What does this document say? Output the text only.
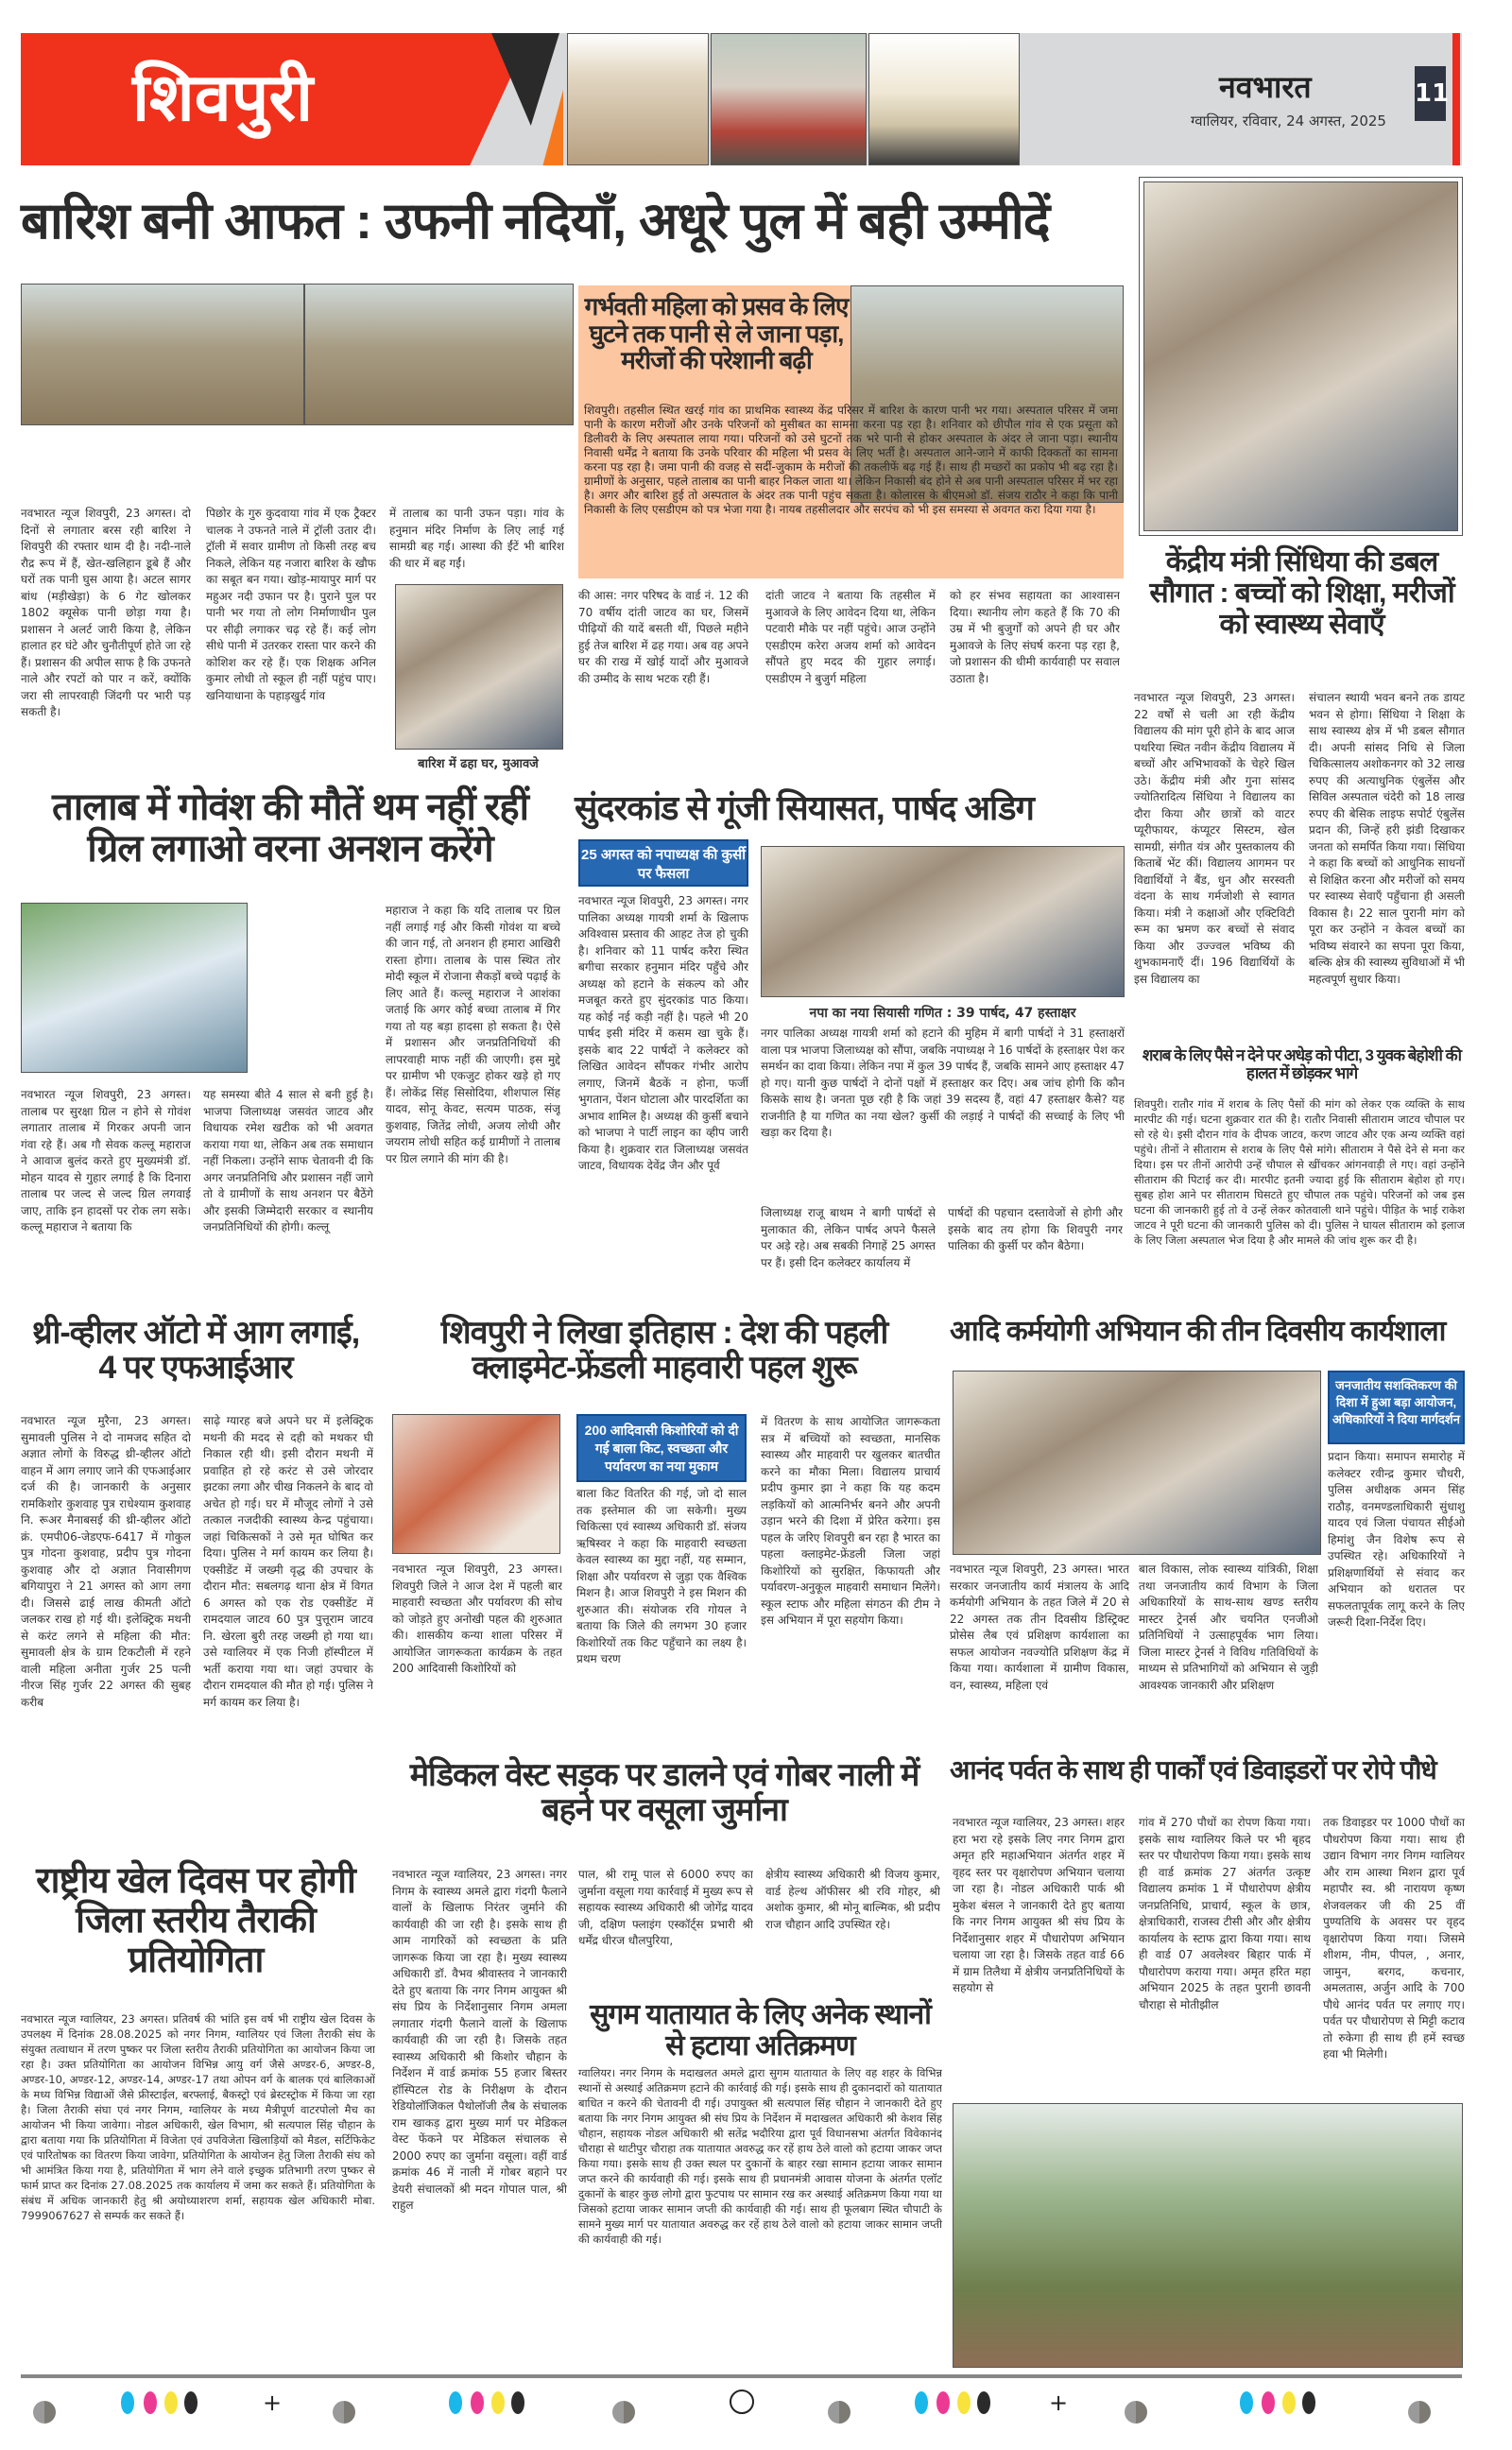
शिवपुरी	नवभारत
ग्वालियर, रविवार, 24 अगस्त, 2025
11
बारिश बनी आफत : उफनी नदियाँ, अधूरे पुल में बही उम्मीदें
नवभारत न्यूज शिवपुरी, 23 अगस्त। दो दिनों से लगातार बरस रही बारिश ने शिवपुरी की रफ्तार थाम दी है। नदी-नाले रौद्र रूप में हैं, खेत-खलिहान डूबे हैं और घरों तक पानी घुस आया है। अटल सागर बांध (मड़ीखेड़ा) के 6 गेट खोलकर 1802 क्यूसेक पानी छोड़ा गया है। प्रशासन ने अलर्ट जारी किया है, लेकिन हालात हर घंटे और चुनौतीपूर्ण होते जा रहे हैं। प्रशासन की अपील साफ है कि उफनते नाले और रपटों को पार न करें, क्योंकि जरा सी लापरवाही जिंदगी पर भारी पड़ सकती है।
पिछोर के गुरु कुदवाया गांव में एक ट्रैक्टर चालक ने उफनते नाले में ट्रॉली उतार दी। ट्रॉली में सवार ग्रामीण तो किसी तरह बच निकले, लेकिन यह नजारा बारिश के खौफ का सबूत बन गया। खोड़-मायापुर मार्ग पर महुअर नदी उफान पर है। पुराने पुल पर पानी भर गया तो लोग निर्माणाधीन पुल पर सीढ़ी लगाकर चढ़ रहे हैं। कई लोग सीधे पानी में उतरकर रास्ता पार करने की कोशिश कर रहे हैं। एक शिक्षक अनिल कुमार लोधी तो स्कूल ही नहीं पहुंच पाए। खनियाधाना के पहाड़खुर्द गांव
में तालाब का पानी उफन पड़ा। गांव के हनुमान मंदिर निर्माण के लिए लाई गई सामग्री बह गई। आस्था की ईंटें भी बारिश की धार में बह गईं।
बारिश में ढहा घर, मुआवजे
गर्भवती महिला को प्रसव के लिए घुटने तक पानी से ले जाना पड़ा, मरीजों की परेशानी बढ़ी
शिवपुरी। तहसील स्थित खरई गांव का प्राथमिक स्वास्थ्य केंद्र परिसर में बारिश के कारण पानी भर गया। अस्पताल परिसर में जमा पानी के कारण मरीजों और उनके परिजनों को मुसीबत का सामना करना पड़ रहा है। शनिवार को छीपौल गांव से एक प्रसूता को डिलीवरी के लिए अस्पताल लाया गया। परिजनों को उसे घुटनों तक भरे पानी से होकर अस्पताल के अंदर ले जाना पड़ा। स्थानीय निवासी धर्मेंद्र ने बताया कि उनके परिवार की महिला भी प्रसव के लिए भर्ती है। अस्पताल आने-जाने में काफी दिक्कतों का सामना करना पड़ रहा है। जमा पानी की वजह से सर्दी-जुकाम के मरीजों की तकलीफें बढ़ गई हैं। साथ ही मच्छरों का प्रकोप भी बढ़ रहा है। ग्रामीणों के अनुसार, पहले तालाब का पानी बाहर निकल जाता था। लेकिन निकासी बंद होने से अब पानी अस्पताल परिसर में भर रहा है। अगर और बारिश हुई तो अस्पताल के अंदर तक पानी पहुंच सकता है। कोलारस के बीएमओ डॉ. संजय राठौर ने कहा कि पानी निकासी के लिए एसडीएम को पत्र भेजा गया है। नायब तहसीलदार और सरपंच को भी इस समस्या से अवगत करा दिया गया है।
की आस: नगर परिषद के वार्ड नं. 12 की 70 वर्षीय दांती जाटव का घर, जिसमें पीढ़ियों की यादें बसती थीं, पिछले महीने हुई तेज बारिश में ढह गया। अब वह अपने घर की राख में खोई यादों और मुआवजे की उम्मीद के साथ भटक रही हैं।
दांती जाटव ने बताया कि तहसील में मुआवजे के लिए आवेदन दिया था, लेकिन पटवारी मौके पर नहीं पहुंचे। आज उन्होंने एसडीएम करेरा अजय शर्मा को आवेदन सौंपते हुए मदद की गुहार लगाई। एसडीएम ने बुजुर्ग महिला
को हर संभव सहायता का आश्वासन दिया। स्थानीय लोग कहते हैं कि 70 की उम्र में भी बुजुर्गों को अपने ही घर और मुआवजे के लिए संघर्ष करना पड़ रहा है, जो प्रशासन की धीमी कार्यवाही पर सवाल उठाता है।
केंद्रीय मंत्री सिंधिया की डबल सौगात : बच्चों को शिक्षा, मरीजों को स्वास्थ्य सेवाएँ
नवभारत न्यूज शिवपुरी, 23 अगस्त। 22 वर्षों से चली आ रही केंद्रीय विद्यालय की मांग पूरी होने के बाद आज पथरिया स्थित नवीन केंद्रीय विद्यालय में बच्चों और अभिभावकों के चेहरे खिल उठे। केंद्रीय मंत्री और गुना सांसद ज्योतिरादित्य सिंधिया ने विद्यालय का दौरा किया और छात्रों को वाटर प्यूरीफायर, कंप्यूटर सिस्टम, खेल सामग्री, संगीत यंत्र और पुस्तकालय की किताबें भेंट कीं। विद्यालय आगमन पर विद्यार्थियों ने बैंड, धुन और सरस्वती वंदना के साथ गर्मजोशी से स्वागत किया। मंत्री ने कक्षाओं और एक्टिविटी रूम का भ्रमण कर बच्चों से संवाद किया और उज्ज्वल भविष्य की शुभकामनाएँ दीं। 196 विद्यार्थियों के इस विद्यालय का
संचालन स्थायी भवन बनने तक डायट भवन से होगा। सिंधिया ने शिक्षा के साथ स्वास्थ्य क्षेत्र में भी डबल सौगात दी। अपनी सांसद निधि से जिला चिकित्सालय अशोकनगर को 32 लाख रुपए की अत्याधुनिक एंबुलेंस और सिविल अस्पताल चंदेरी को 18 लाख रुपए की बेसिक लाइफ सपोर्ट एंबुलेंस प्रदान की, जिन्हें हरी झंडी दिखाकर जनता को समर्पित किया गया। सिंधिया ने कहा कि बच्चों को आधुनिक साधनों से शिक्षित करना और मरीजों को समय पर स्वास्थ्य सेवाएँ पहुँचाना ही असली विकास है। 22 साल पुरानी मांग को पूरा कर उन्होंने न केवल बच्चों का भविष्य संवारने का सपना पूरा किया, बल्कि क्षेत्र की स्वास्थ्य सुविधाओं में भी महत्वपूर्ण सुधार किया।
शराब के लिए पैसे न देने पर अधेड़ को पीटा, 3 युवक बेहोशी की हालत में छोड़कर भागे
शिवपुरी। रातौर गांव में शराब के लिए पैसों की मांग को लेकर एक व्यक्ति के साथ मारपीट की गई। घटना शुक्रवार रात की है। रातौर निवासी सीताराम जाटव चौपाल पर सो रहे थे। इसी दौरान गांव के दीपक जाटव, करण जाटव और एक अन्य व्यक्ति वहां पहुंचे। तीनों ने सीताराम से शराब के लिए पैसे मांगे। सीताराम ने पैसे देने से मना कर दिया। इस पर तीनों आरोपी उन्हें चौपाल से खींचकर आंगनवाड़ी ले गए। वहां उन्होंने सीताराम की पिटाई कर दी। मारपीट इतनी ज्यादा हुई कि सीताराम बेहोश हो गए। सुबह होश आने पर सीताराम घिसटते हुए चौपाल तक पहुंचे। परिजनों को जब इस घटना की जानकारी हुई तो वे उन्हें लेकर कोतवाली थाने पहुंचे। पीड़ित के भाई राकेश जाटव ने पूरी घटना की जानकारी पुलिस को दी। पुलिस ने घायल सीताराम को इलाज के लिए जिला अस्पताल भेज दिया है और मामले की जांच शुरू कर दी है।
तालाब में गोवंश की मौतें थम नहीं रहीं ग्रिल लगाओ वरना अनशन करेंगे
नवभारत न्यूज शिवपुरी, 23 अगस्त। तालाब पर सुरक्षा ग्रिल न होने से गोवंश लगातार तालाब में गिरकर अपनी जान गंवा रहे हैं। अब गौ सेवक कल्लू महाराज ने आवाज बुलंद करते हुए मुख्यमंत्री डॉ. मोहन यादव से गुहार लगाई है कि दिनारा तालाब पर जल्द से जल्द ग्रिल लगवाई जाए, ताकि इन हादसों पर रोक लग सके। कल्लू महाराज ने बताया कि
यह समस्या बीते 4 साल से बनी हुई है। भाजपा जिलाध्यक्ष जसवंत जाटव और विधायक रमेश खटीक को भी अवगत कराया गया था, लेकिन अब तक समाधान नहीं निकला। उन्होंने साफ चेतावनी दी कि अगर जनप्रतिनिधि और प्रशासन नहीं जागे तो वे ग्रामीणों के साथ अनशन पर बैठेंगे और इसकी जिम्मेदारी सरकार व स्थानीय जनप्रतिनिधियों की होगी। कल्लू
महाराज ने कहा कि यदि तालाब पर ग्रिल नहीं लगाई गई और किसी गोवंश या बच्चे की जान गई, तो अनशन ही हमारा आखिरी रास्ता होगा। तालाब के पास स्थित तोर मोदी स्कूल में रोजाना सैकड़ों बच्चे पढ़ाई के लिए आते हैं। कल्लू महाराज ने आशंका जताई कि अगर कोई बच्चा तालाब में गिर गया तो यह बड़ा हादसा हो सकता है। ऐसे में प्रशासन और जनप्रतिनिधियों की लापरवाही माफ नहीं की जाएगी। इस मुद्दे पर ग्रामीण भी एकजुट होकर खड़े हो गए हैं। लोकेंद्र सिंह सिसोदिया, शीशपाल सिंह यादव, सोनू केवट, सत्यम पाठक, संजू कुशवाह, जितेंद्र लोधी, अजय लोधी और जयराम लोधी सहित कई ग्रामीणों ने तालाब पर ग्रिल लगाने की मांग की है।
सुंदरकांड से गूंजी सियासत, पार्षद अडिग
25 अगस्त को नपाध्यक्ष की कुर्सी पर फैसला
नवभारत न्यूज शिवपुरी, 23 अगस्त। नगर पालिका अध्यक्ष गायत्री शर्मा के खिलाफ अविश्वास प्रस्ताव की आहट तेज हो चुकी है। शनिवार को 11 पार्षद करैरा स्थित बगीचा सरकार हनुमान मंदिर पहुँचे और अध्यक्ष को हटाने के संकल्प को और मजबूत करते हुए सुंदरकांड पाठ किया। यह कोई नई कड़ी नहीं है। पहले भी 20 पार्षद इसी मंदिर में कसम खा चुके हैं। इसके बाद 22 पार्षदों ने कलेक्टर को लिखित आवेदन सौंपकर गंभीर आरोप लगाए, जिनमें बैठकें न होना, फर्जी भुगतान, पेंशन घोटाला और पारदर्शिता का अभाव शामिल है। अध्यक्ष की कुर्सी बचाने को भाजपा ने पार्टी लाइन का व्हीप जारी किया है। शुक्रवार रात जिलाध्यक्ष जसवंत जाटव, विधायक देवेंद्र जैन और पूर्व
नपा का नया सियासी गणित : 39 पार्षद, 47 हस्ताक्षर
नगर पालिका अध्यक्ष गायत्री शर्मा को हटाने की मुहिम में बागी पार्षदों ने 31 हस्ताक्षरों वाला पत्र भाजपा जिलाध्यक्ष को सौंपा, जबकि नपाध्यक्ष ने 16 पार्षदों के हस्ताक्षर पेश कर समर्थन का दावा किया। लेकिन नपा में कुल 39 पार्षद हैं, जबकि सामने आए हस्ताक्षर 47 हो गए। यानी कुछ पार्षदों ने दोनों पक्षों में हस्ताक्षर कर दिए। अब जांच होगी कि कौन किसके साथ है। जनता पूछ रही है कि जहां 39 सदस्य हैं, वहां 47 हस्ताक्षर कैसे? यह राजनीति है या गणित का नया खेल? कुर्सी की लड़ाई ने पार्षदों की सच्चाई के लिए भी खड़ा कर दिया है।
जिलाध्यक्ष राजू बाथम ने बागी पार्षदों से मुलाकात की, लेकिन पार्षद अपने फैसले पर अड़े रहे। अब सबकी निगाहें 25 अगस्त पर हैं। इसी दिन कलेक्टर कार्यालय में
पार्षदों की पहचान दस्तावेजों से होगी और इसके बाद तय होगा कि शिवपुरी नगर पालिका की कुर्सी पर कौन बैठेगा।
थ्री-व्हीलर ऑटो में आग लगाई, 4 पर एफआईआर
नवभारत न्यूज मुरैना, 23 अगस्त। सुमावली पुलिस ने दो नामजद सहित दो अज्ञात लोगों के विरुद्ध थ्री-व्हीलर ऑटो वाहन में आग लगाए जाने की एफआईआर दर्ज की है। जानकारी के अनुसार रामकिशोर कुशवाह पुत्र राधेश्याम कुशवाह नि. रूअर मैनाबसई की थ्री-व्हीलर ऑटो क्रं. एमपी06-जेडएफ-6417 में गोकुल पुत्र गोदना कुशवाह, प्रदीप पुत्र गोदना कुशवाह और दो अज्ञात निवासीगण बगियापुरा ने 21 अगस्त को आग लगा दी। जिससे ढाई लाख कीमती ऑटो जलकर राख हो गई थी। इलेक्ट्रिक मथनी से करंट लगने से महिला की मौत: सुमावली क्षेत्र के ग्राम टिकटौली में रहने वाली महिला अनीता गुर्जर 25 पत्नी नीरज सिंह गुर्जर 22 अगस्त की सुबह करीब
साढ़े ग्यारह बजे अपने घर में इलेक्ट्रिक मथनी की मदद से दही को मथकर घी निकाल रही थी। इसी दौरान मथनी में प्रवाहित हो रहे करंट से उसे जोरदार झटका लगा और चीख निकलने के बाद वो अचेत हो गई। घर में मौजूद लोगों ने उसे तत्काल नजदीकी स्वास्थ्य केन्द्र पहुंचाया। जहां चिकित्सकों ने उसे मृत घोषित कर दिया। पुलिस ने मर्ग कायम कर लिया है। एक्सीडेंट में जख्मी वृद्ध की उपचार के दौरान मौत: सबलगढ़ थाना क्षेत्र में विगत 6 अगस्त को एक रोड एक्सीडेंट में रामदयाल जाटव 60 पुत्र पुत्तूराम जाटव नि. खेरला बुरी तरह जख्मी हो गया था। उसे ग्वालियर में एक निजी हॉस्पीटल में भर्ती कराया गया था। जहां उपचार के दौरान रामदयाल की मौत हो गई। पुलिस ने मर्ग कायम कर लिया है।
शिवपुरी ने लिखा इतिहास : देश की पहली क्लाइमेट-फ्रेंडली माहवारी पहल शुरू
नवभारत न्यूज शिवपुरी, 23 अगस्त। शिवपुरी जिले ने आज देश में पहली बार माहवारी स्वच्छता और पर्यावरण की सोच को जोड़ते हुए अनोखी पहल की शुरुआत की। शासकीय कन्या शाला परिसर में आयोजित जागरूकता कार्यक्रम के तहत 200 आदिवासी किशोरियों को
200 आदिवासी किशोरियों को दी गई बाला किट, स्वच्छता और पर्यावरण का नया मुकाम
बाला किट वितरित की गई, जो दो साल तक इस्तेमाल की जा सकेगी। मुख्य चिकित्सा एवं स्वास्थ्य अधिकारी डॉ. संजय ऋषिस्वर ने कहा कि माहवारी स्वच्छता केवल स्वास्थ्य का मुद्दा नहीं, यह सम्मान, शिक्षा और पर्यावरण से जुड़ा एक वैश्विक मिशन है। आज शिवपुरी ने इस मिशन की शुरुआत की। संयोजक रवि गोयल ने बताया कि जिले की लगभग 30 हजार किशोरियों तक किट पहुँचाने का लक्ष्य है। प्रथम चरण
में वितरण के साथ आयोजित जागरूकता सत्र में बच्चियों को स्वच्छता, मानसिक स्वास्थ्य और माहवारी पर खुलकर बातचीत करने का मौका मिला। विद्यालय प्राचार्य प्रदीप कुमार झा ने कहा कि यह कदम लड़कियों को आत्मनिर्भर बनने और अपनी उड़ान भरने की दिशा में प्रेरित करेगा। इस पहल के जरिए शिवपुरी बन रहा है भारत का पहला क्लाइमेट-फ्रेंडली जिला जहां किशोरियों को सुरक्षित, किफायती और पर्यावरण-अनुकूल माहवारी समाधान मिलेंगे। स्कूल स्टाफ और महिला संगठन की टीम ने इस अभियान में पूरा सहयोग किया।
आदि कर्मयोगी अभियान की तीन दिवसीय कार्यशाला
जनजातीय सशक्तिकरण की दिशा में हुआ बड़ा आयोजन, अधिकारियों ने दिया मार्गदर्शन
प्रदान किया। समापन समारोह में कलेक्टर रवीन्द्र कुमार चौधरी, पुलिस अधीक्षक अमन सिंह राठौड़, वनमण्डलाधिकारी सुंधाशु यादव एवं जिला पंचायत सीईओ हिमांशु जैन विशेष रूप से उपस्थित रहे। अधिकारियों ने प्रशिक्षणार्थियों से संवाद कर अभियान को धरातल पर सफलतापूर्वक लागू करने के लिए जरूरी दिशा-निर्देश दिए।
नवभारत न्यूज शिवपुरी, 23 अगस्त। भारत सरकार जनजातीय कार्य मंत्रालय के आदि कर्मयोगी अभियान के तहत जिले में 20 से 22 अगस्त तक तीन दिवसीय डिस्ट्रिक्ट प्रोसेस लैब एवं प्रशिक्षण कार्यशाला का सफल आयोजन नवज्योति प्रशिक्षण केंद्र में किया गया। कार्यशाला में ग्रामीण विकास, वन, स्वास्थ्य, महिला एवं
बाल विकास, लोक स्वास्थ्य यांत्रिकी, शिक्षा तथा जनजातीय कार्य विभाग के जिला अधिकारियों के साथ-साथ खण्ड स्तरीय मास्टर ट्रेनर्स और चयनित एनजीओ प्रतिनिधियों ने उत्साहपूर्वक भाग लिया। जिला मास्टर ट्रेनर्स ने विविध गतिविधियों के माध्यम से प्रतिभागियों को अभियान से जुड़ी आवश्यक जानकारी और प्रशिक्षण
मेडिकल वेस्ट सड़क पर डालने एवं गोबर नाली में बहने पर वसूला जुर्माना
नवभारत न्यूज ग्वालियर, 23 अगस्त। नगर निगम के स्वास्थ्य अमले द्वारा गंदगी फैलाने वालों के खिलाफ निरंतर जुर्माने की कार्यवाही की जा रही है। इसके साथ ही आम नागरिकों को स्वच्छता के प्रति जागरूक किया जा रहा है। मुख्य स्वास्थ्य अधिकारी डॉ. वैभव श्रीवास्तव ने जानकारी देते हुए बताया कि नगर निगम आयुक्त श्री संघ प्रिय के निर्देशानुसार निगम अमला लगातार गंदगी फैलाने वालों के खिलाफ कार्यवाही की जा रही है। जिसके तहत स्वास्थ्य अधिकारी श्री किशोर चौहान के निर्देशन में वार्ड क्रमांक 55 हजार बिस्तर हॉस्पिटल रोड के निरीक्षण के दौरान रेडियोलॉजिकल पैथोलॉजी लैब के संचालक राम खाकड़ द्वारा मुख्य मार्ग पर मेडिकल वेस्ट फेंकने पर मेडिकल संचालक से 2000 रुपए का जुर्माना वसूला। वहीं वार्ड क्रमांक 46 में नाली में गोबर बहाने पर डेयरी संचालकों श्री मदन गोपाल पाल, श्री राहुल
पाल, श्री रामू पाल से 6000 रुपए का जुर्माना वसूला गया कार्रवाई में मुख्य रूप से सहायक स्वास्थ्य अधिकारी श्री जोगेंद्र यादव जी, दक्षिण फ्लाइंग एस्कॉर्ट्स प्रभारी श्री धर्मेंद्र धीरज धौलपुरिया,
क्षेत्रीय स्वास्थ्य अधिकारी श्री विजय कुमार, वार्ड हेल्थ ऑफीसर श्री रवि गोहर, श्री अशोक कुमार, श्री मोनू बाल्मिक, श्री प्रदीप राज चौहान आदि उपस्थित रहे।
सुगम यातायात के लिए अनेक स्थानों से हटाया अतिक्रमण
ग्वालियर। नगर निगम के मदाखलत अमले द्वारा सुगम यातायात के लिए वह शहर के विभिन्न स्थानों से अस्थाई अतिक्रमण हटाने की कार्रवाई की गई। इसके साथ ही दुकानदारों को यातायात बाधित न करने की चेतावनी दी गई। उपायुक्त श्री सत्यपाल सिंह चौहान ने जानकारी देते हुए बताया कि नगर निगम आयुक्त श्री संघ प्रिय के निर्देशन में मदाखलत अधिकारी श्री केशव सिंह चौहान, सहायक नोडल अधिकारी श्री सतेंद्र भदौरिया द्वारा पूर्व विधानसभा अंतर्गत विवेकानंद चौराहा से थाटीपुर चौराहा तक यातायात अवरुद्ध कर रहें हाथ ठेले वालो को हटाया जाकर जप्त किया गया। इसके साथ ही उक्त स्थल पर दुकानों के बाहर रखा सामान हटाया जाकर सामान जप्त करने की कार्यवाही की गई। इसके साथ ही प्रधानमंत्री आवास योजना के अंतर्गत एलॉट दुकानों के बाहर कुछ लोगो द्वारा फुटपाथ पर सामान रख कर अस्थाई अतिक्रमण किया गया था जिसको हटाया जाकर सामान जप्ती की कार्यवाही की गई। साथ ही फूलबाग स्थित चौपाटी के सामने मुख्य मार्ग पर यातायात अवरुद्ध कर रहें हाथ ठेले वालो को हटाया जाकर सामान जप्ती की कार्यवाही की गई।
राष्ट्रीय खेल दिवस पर होगी जिला स्तरीय तैराकी प्रतियोगिता
नवभारत न्यूज ग्वालियर, 23 अगस्त। प्रतिवर्ष की भांति इस वर्ष भी राष्ट्रीय खेल दिवस के उपलक्ष्य में दिनांक 28.08.2025 को नगर निगम, ग्वालियर एवं जिला तैराकी संघ के संयुक्त तत्वाधान में तरण पुष्कर पर जिला स्तरीय तैराकी प्रतियोगिता का आयोजन किया जा रहा है। उक्त प्रतियोगिता का आयोजन विभिन्न आयु वर्ग जैसे अण्डर-6, अण्डर-8, अण्डर-10, अण्डर-12, अण्डर-14, अण्डर-17 तथा ओपन वर्ग के बालक एवं बालिकाओं के मध्य विभिन्न विद्याओं जैसे फ्रीस्टाईल, बरफ्लाई, बैकस्ट्रो एवं ब्रेस्टस्ट्रोक में किया जा रहा है। जिला तैराकी संघा एवं नगर निगम, ग्वालियर के मध्य मैत्रीपूर्ण वाटरपोलो मैच का आयोजन भी किया जावेगा। नोडल अधिकारी, खेल विभाग, श्री सत्यपाल सिंह चौहान के द्वारा बताया गया कि प्रतियोगिता में विजेता एवं उपविजेता खिलाड़ियों को मैडल, सर्टिफिकेट एवं पारितोषक का वितरण किया जावेगा, प्रतियोगिता के आयोजन हेतु जिला तैराकी संघ को भी आमंत्रित किया गया है, प्रतियोगिता में भाग लेने वाले इच्छुक प्रतिभागी तरण पुष्कर से फार्म प्राप्त कर दिनांक 27.08.2025 तक कार्यालय में जमा कर सकते हैं। प्रतियोगिता के संबंध में अधिक जानकारी हेतु श्री अयोध्याशरण शर्मा, सहायक खेल अधिकारी मोबा. 7999067627 से सम्पर्क कर सकते हैं।
आनंद पर्वत के साथ ही पार्कों एवं डिवाइडरों पर रोपे पौधे
नवभारत न्यूज ग्वालियर, 23 अगस्त। शहर हरा भरा रहे इसके लिए नगर निगम द्वारा अमृत हरि महाअभियान अंतर्गत शहर में वृहद स्तर पर वृक्षारोपण अभियान चलाया जा रहा है। नोडल अधिकारी पार्क श्री मुकेश बंसल ने जानकारी देते हुए बताया कि नगर निगम आयुक्त श्री संघ प्रिय के निर्देशानुसार शहर में पौधारोपण अभियान चलाया जा रहा है। जिसके तहत वार्ड 66 में ग्राम तिलैथा में क्षेत्रीय जनप्रतिनिधियों के सहयोग से
गांव में 270 पौधों का रोपण किया गया। इसके साथ ग्वालियर किले पर भी बृहद स्तर पर पौधारोपण किया गया। इसके साथ ही वार्ड क्रमांक 27 अंतर्गत उत्कृष्ट विद्यालय क्रमांक 1 में पौधारोपण क्षेत्रीय जनप्रतिनिधि, प्राचार्य, स्कूल के छात्र, क्षेत्राधिकारी, राजस्व टीसी और और क्षेत्रीय कार्यालय के स्टाफ द्वारा किया गया। साथ ही वार्ड 07 अवलेश्वर बिहार पार्क में पौधारोपण कराया गया। अमृत हरित महा अभियान 2025 के तहत पुरानी छावनी चौराहा से मोतीझील
तक डिवाइडर पर 1000 पौधों का पौधरोपण किया गया। साथ ही उद्यान विभाग नगर निगम ग्वालियर और राम आस्था मिशन द्वारा पूर्व महापौर स्व. श्री नारायण कृष्ण शेजवलकर जी की 25 वीं पुण्यतिथि के अवसर पर वृहद वृक्षारोपण किया गया। जिसमे शीशम, नीम, पीपल, , अनार, जामुन, बरगद, कचनार, अमलतास, अर्जुन आदि के 700 पौधे आनंद पर्वत पर लगाए गए। पर्वत पर पौधारोपण से मिट्टी कटाव तो रुकेगा ही साथ ही हमें स्वच्छ हवा भी मिलेगी।
+	+
